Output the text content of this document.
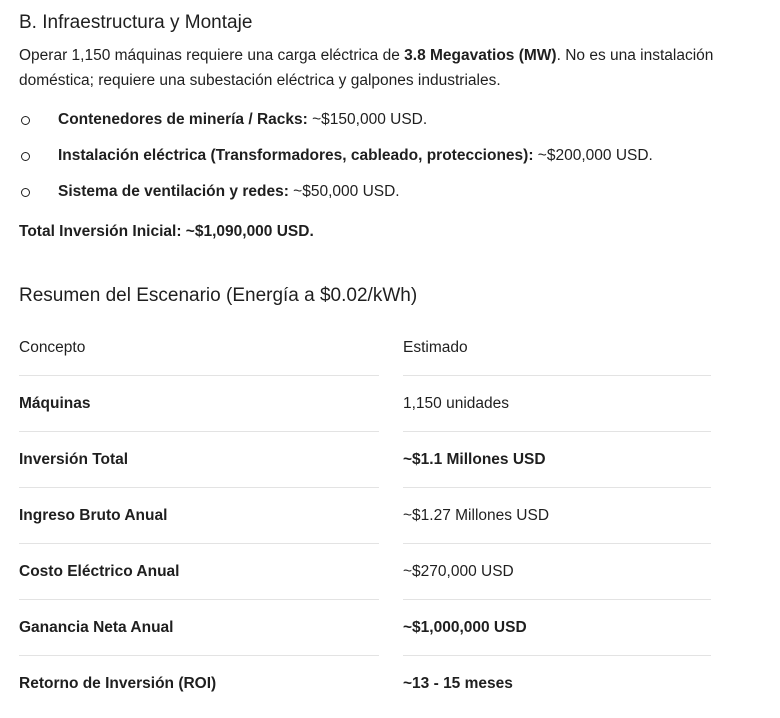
B. Infraestructura y Montaje

Operar 1,150 máquinas requiere una carga eléctrica de 3.8 Megavatios (MW). No es una instalación doméstica; requiere una subestación eléctrica y galpones industriales.

Contenedores de minería / Racks: ~$150,000 USD.
Instalación eléctrica (Transformadores, cableado, protecciones): ~$200,000 USD.
Sistema de ventilación y redes: ~$50,000 USD.

Total Inversión Inicial: ~$1,090,000 USD.

Resumen del Escenario (Energía a $0.02/kWh)
Concepto	Estimado
Máquinas	1,150 unidades
Inversión Total	~$1.1 Millones USD
Ingreso Bruto Anual	~$1.27 Millones USD
Costo Eléctrico Anual	~$270,000 USD
Ganancia Neta Anual	~$1,000,000 USD
Retorno de Inversión (ROI)	~13 - 15 meses
